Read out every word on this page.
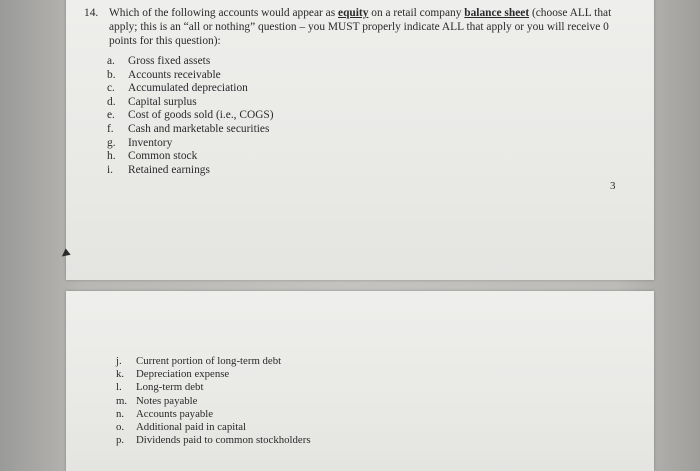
14. Which of the following accounts would appear as equity on a retail company balance sheet (choose ALL that apply; this is an “all or nothing” question – you MUST properly indicate ALL that apply or you will receive 0 points for this question):
a. Gross fixed assets
b. Accounts receivable
c. Accumulated depreciation
d. Capital surplus
e. Cost of goods sold (i.e., COGS)
f. Cash and marketable securities
g. Inventory
h. Common stock
i. Retained earnings
3
j. Current portion of long-term debt
k. Depreciation expense
l. Long-term debt
m. Notes payable
n. Accounts payable
o. Additional paid in capital
p. Dividends paid to common stockholders
